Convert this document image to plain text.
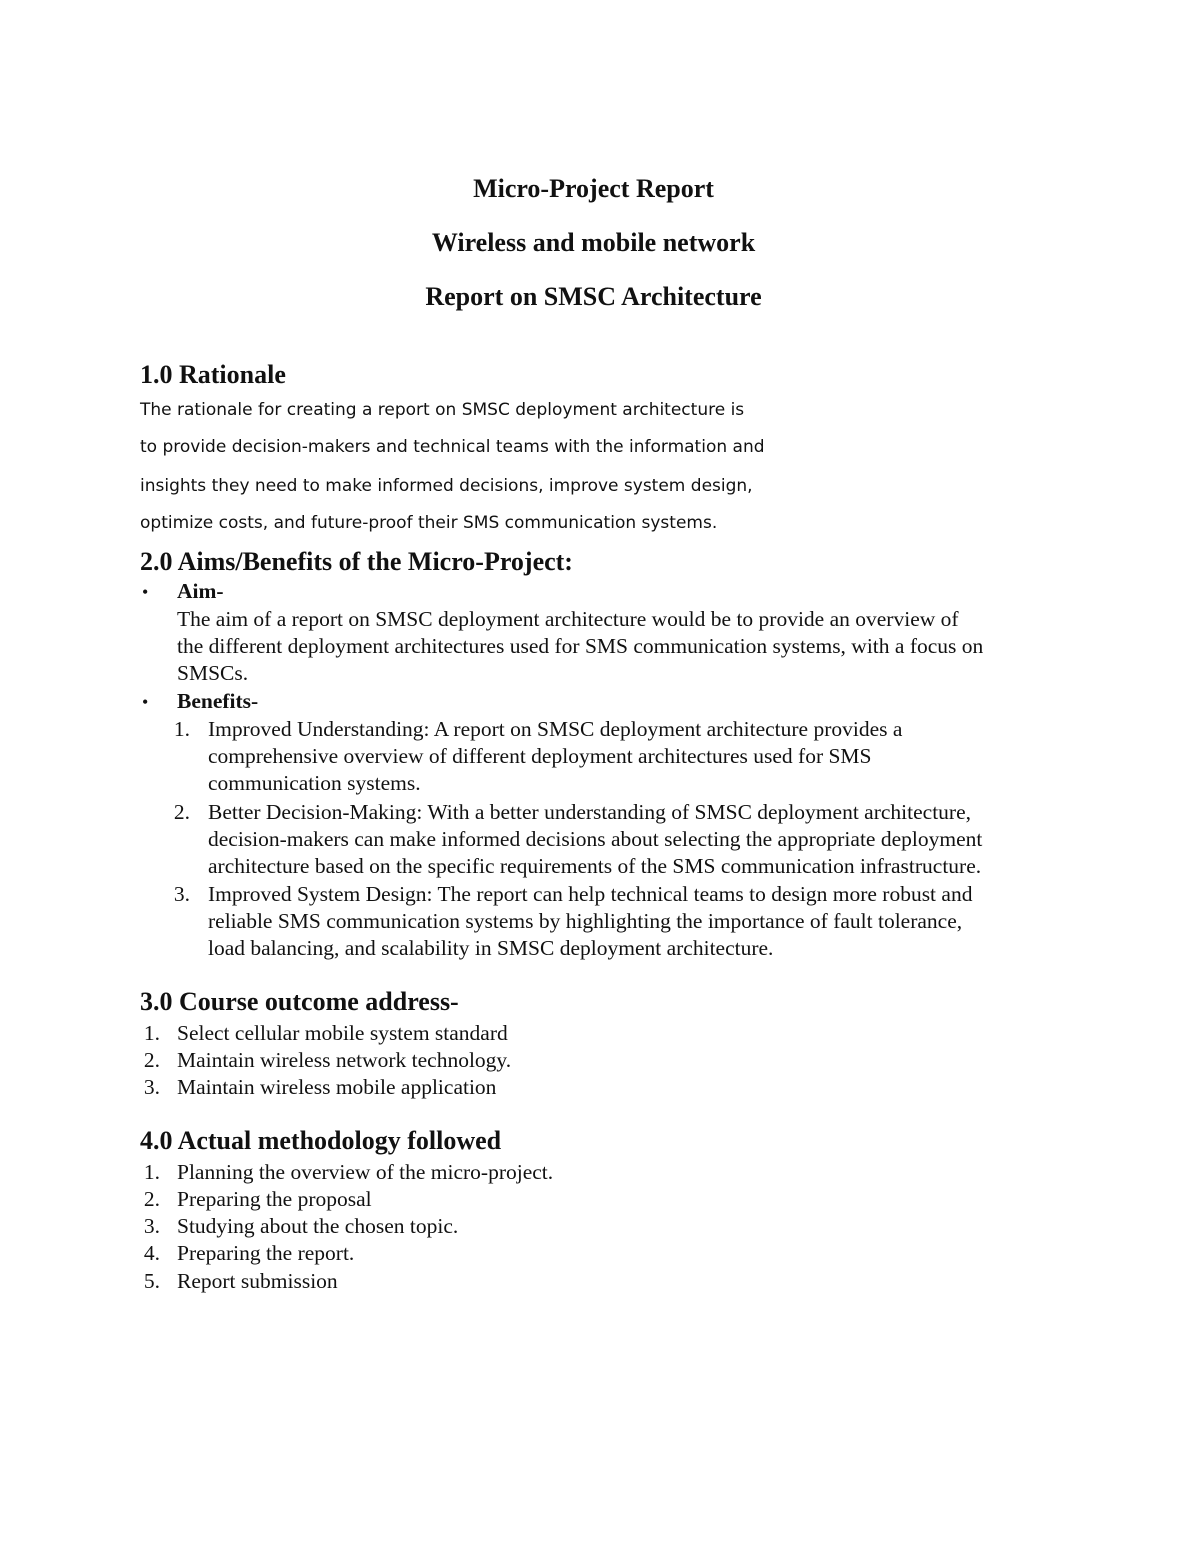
Micro-Project Report
Wireless and mobile network
Report on SMSC Architecture
1.0 Rationale
The rationale for creating a report on SMSC deployment architecture is
to provide decision-makers and technical teams with the information and
insights they need to make informed decisions, improve system design,
optimize costs, and future-proof their SMS communication systems.
2.0 Aims/Benefits of the Micro-Project:
• Aim-
The aim of a report on SMSC deployment architecture would be to provide an overview of
the different deployment architectures used for SMS communication systems, with a focus on
SMSCs.
• Benefits-
1. Improved Understanding: A report on SMSC deployment architecture provides a
comprehensive overview of different deployment architectures used for SMS
communication systems.
2. Better Decision-Making: With a better understanding of SMSC deployment architecture,
decision-makers can make informed decisions about selecting the appropriate deployment
architecture based on the specific requirements of the SMS communication infrastructure.
3. Improved System Design: The report can help technical teams to design more robust and
reliable SMS communication systems by highlighting the importance of fault tolerance,
load balancing, and scalability in SMSC deployment architecture.
3.0 Course outcome address-
1. Select cellular mobile system standard
2. Maintain wireless network technology.
3. Maintain wireless mobile application
4.0 Actual methodology followed
1. Planning the overview of the micro-project.
2. Preparing the proposal
3. Studying about the chosen topic.
4. Preparing the report.
5. Report submission
